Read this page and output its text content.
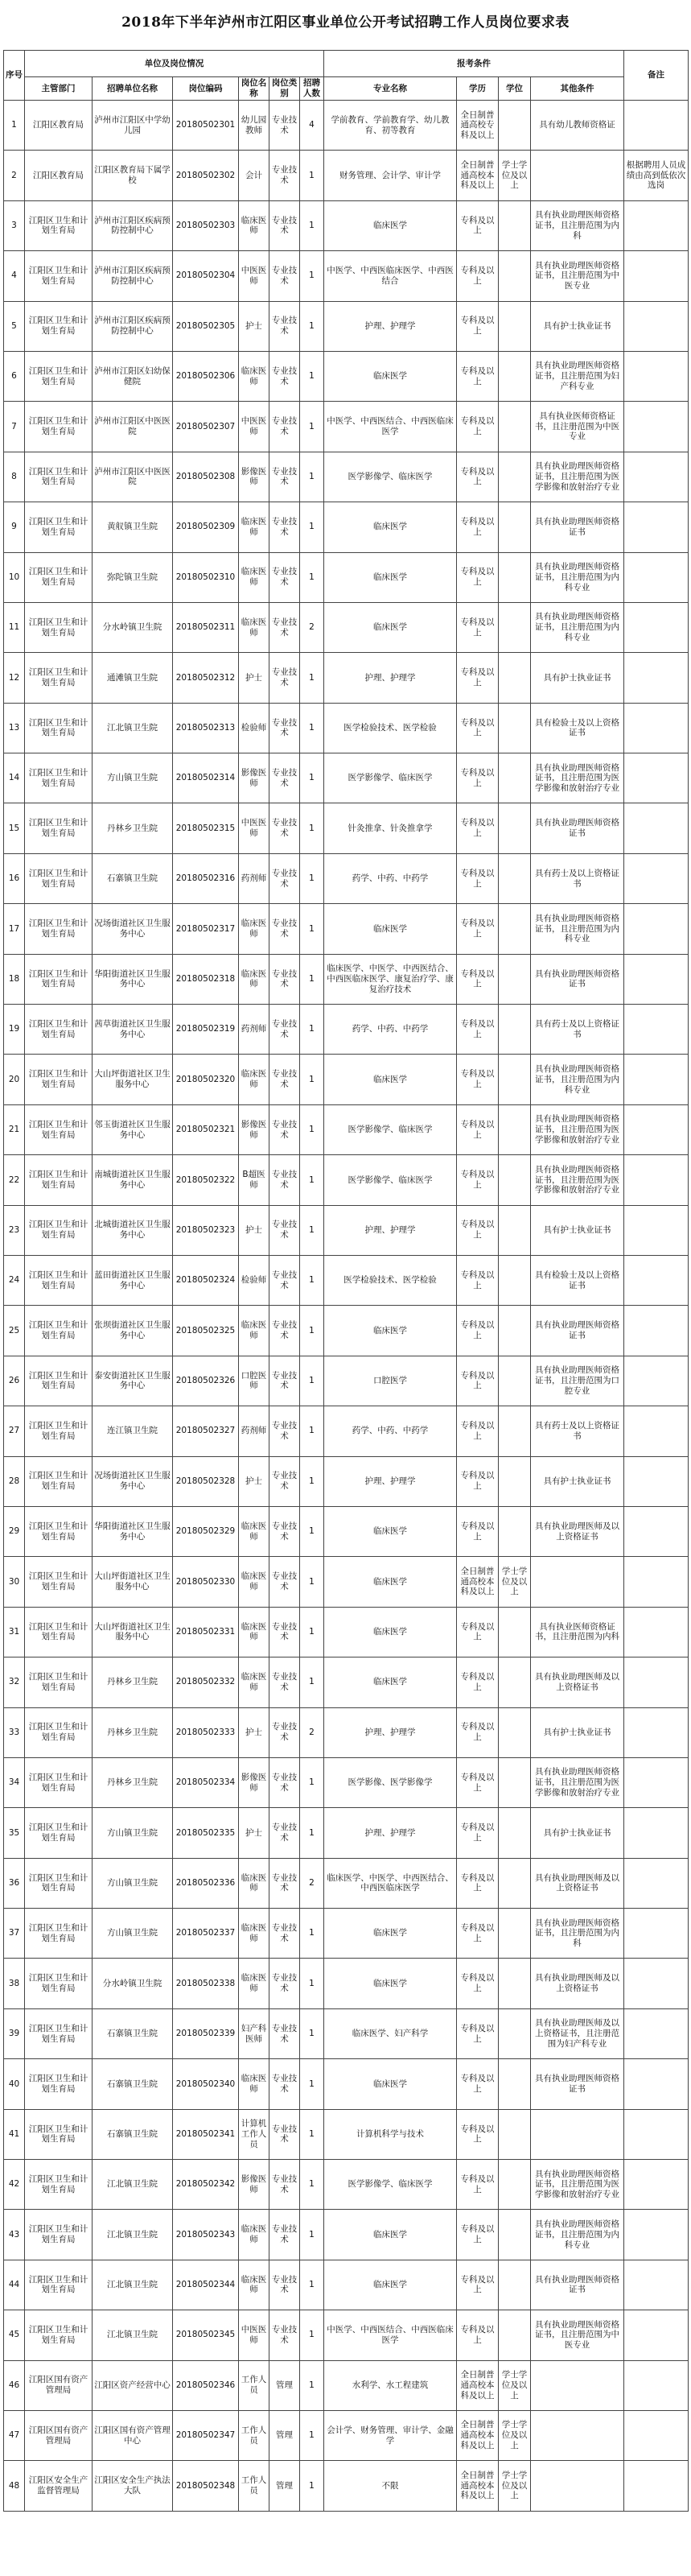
2018年下半年泸州市江阳区事业单位公开考试招聘工作人员岗位要求表
序号	单位及岗位情况						报考条件				备注
	主管部门	招聘单位名称	岗位编码	岗位名称	岗位类别	招聘人数	专业名称	学历	学位	其他条件	
1	江阳区教育局	泸州市江阳区中学幼儿园	20180502301	幼儿园教师	专业技术	4	学前教育、学前教育学、幼儿教育、初等教育	全日制普通高校专科及以上		具有幼儿教师资格证	
2	江阳区教育局	江阳区教育局下属学校	20180502302	会计	专业技术	1	财务管理、会计学、审计学	全日制普通高校本科及以上	学士学位及以上		根据聘用人员成绩由高到低依次选岗
3	江阳区卫生和计划生育局	泸州市江阳区疾病预防控制中心	20180502303	临床医师	专业技术	1	临床医学	专科及以上		具有执业助理医师资格证书，且注册范围为内科	
4	江阳区卫生和计划生育局	泸州市江阳区疾病预防控制中心	20180502304	中医医师	专业技术	1	中医学、中西医临床医学、中西医结合	专科及以上		具有执业助理医师资格证书，且注册范围为中医专业	
5	江阳区卫生和计划生育局	泸州市江阳区疾病预防控制中心	20180502305	护士	专业技术	1	护理、护理学	专科及以上		具有护士执业证书	
6	江阳区卫生和计划生育局	泸州市江阳区妇幼保健院	20180502306	临床医师	专业技术	1	临床医学	专科及以上		具有执业助理医师资格证书，且注册范围为妇产科专业	
7	江阳区卫生和计划生育局	泸州市江阳区中医医院	20180502307	中医医师	专业技术	1	中医学、中西医结合、中西医临床医学	专科及以上		具有执业医师资格证书，且注册范围为中医专业	
8	江阳区卫生和计划生育局	泸州市江阳区中医医院	20180502308	影像医师	专业技术	1	医学影像学、临床医学	专科及以上		具有执业助理医师资格证书，且注册范围为医学影像和放射治疗专业	
9	江阳区卫生和计划生育局	黄舣镇卫生院	20180502309	临床医师	专业技术	1	临床医学	专科及以上		具有执业助理医师资格证书	
10	江阳区卫生和计划生育局	弥陀镇卫生院	20180502310	临床医师	专业技术	1	临床医学	专科及以上		具有执业助理医师资格证书，且注册范围为内科专业	
11	江阳区卫生和计划生育局	分水岭镇卫生院	20180502311	临床医师	专业技术	2	临床医学	专科及以上		具有执业助理医师资格证书，且注册范围为内科专业	
12	江阳区卫生和计划生育局	通滩镇卫生院	20180502312	护士	专业技术	1	护理、护理学	专科及以上		具有护士执业证书	
13	江阳区卫生和计划生育局	江北镇卫生院	20180502313	检验师	专业技术	1	医学检验技术、医学检验	专科及以上		具有检验士及以上资格证书	
14	江阳区卫生和计划生育局	方山镇卫生院	20180502314	影像医师	专业技术	1	医学影像学、临床医学	专科及以上		具有执业助理医师资格证书，且注册范围为医学影像和放射治疗专业	
15	江阳区卫生和计划生育局	丹林乡卫生院	20180502315	中医医师	专业技术	1	针灸推拿、针灸推拿学	专科及以上		具有执业助理医师资格证书	
16	江阳区卫生和计划生育局	石寨镇卫生院	20180502316	药剂师	专业技术	1	药学、中药、中药学	专科及以上		具有药士及以上资格证书	
17	江阳区卫生和计划生育局	况场街道社区卫生服务中心	20180502317	临床医师	专业技术	1	临床医学	专科及以上		具有执业助理医师资格证书，且注册范围为内科专业	
18	江阳区卫生和计划生育局	华阳街道社区卫生服务中心	20180502318	临床医师	专业技术	1	临床医学、中医学、中西医结合、中西医临床医学、康复治疗学、康复治疗技术	专科及以上		具有执业助理医师资格证书	
19	江阳区卫生和计划生育局	茜草街道社区卫生服务中心	20180502319	药剂师	专业技术	1	药学、中药、中药学	专科及以上		具有药士及以上资格证书	
20	江阳区卫生和计划生育局	大山坪街道社区卫生服务中心	20180502320	临床医师	专业技术	1	临床医学	专科及以上		具有执业助理医师资格证书，且注册范围为内科专业	
21	江阳区卫生和计划生育局	邻玉街道社区卫生服务中心	20180502321	影像医师	专业技术	1	医学影像学、临床医学	专科及以上		具有执业助理医师资格证书，且注册范围为医学影像和放射治疗专业	
22	江阳区卫生和计划生育局	南城街道社区卫生服务中心	20180502322	B超医师	专业技术	1	医学影像学、临床医学	专科及以上		具有执业助理医师资格证书，且注册范围为医学影像和放射治疗专业	
23	江阳区卫生和计划生育局	北城街道社区卫生服务中心	20180502323	护士	专业技术	1	护理、护理学	专科及以上		具有护士执业证书	
24	江阳区卫生和计划生育局	蓝田街道社区卫生服务中心	20180502324	检验师	专业技术	1	医学检验技术、医学检验	专科及以上		具有检验士及以上资格证书	
25	江阳区卫生和计划生育局	张坝街道社区卫生服务中心	20180502325	临床医师	专业技术	1	临床医学	专科及以上		具有执业助理医师资格证书	
26	江阳区卫生和计划生育局	泰安街道社区卫生服务中心	20180502326	口腔医师	专业技术	1	口腔医学	专科及以上		具有执业助理医师资格证书，且注册范围为口腔专业	
27	江阳区卫生和计划生育局	连江镇卫生院	20180502327	药剂师	专业技术	1	药学、中药、中药学	专科及以上		具有药士及以上资格证书	
28	江阳区卫生和计划生育局	况场街道社区卫生服务中心	20180502328	护士	专业技术	1	护理、护理学	专科及以上		具有护士执业证书	
29	江阳区卫生和计划生育局	华阳街道社区卫生服务中心	20180502329	临床医师	专业技术	1	临床医学	专科及以上		具有执业助理医师及以上资格证书	
30	江阳区卫生和计划生育局	大山坪街道社区卫生服务中心	20180502330	临床医师	专业技术	1	临床医学	全日制普通高校本科及以上	学士学位及以上		
31	江阳区卫生和计划生育局	大山坪街道社区卫生服务中心	20180502331	临床医师	专业技术	1	临床医学	专科及以上		具有执业医师资格证书，且注册范围为内科	
32	江阳区卫生和计划生育局	丹林乡卫生院	20180502332	临床医师	专业技术	1	临床医学	专科及以上		具有执业助理医师及以上资格证书	
33	江阳区卫生和计划生育局	丹林乡卫生院	20180502333	护士	专业技术	2	护理、护理学	专科及以上		具有护士执业证书	
34	江阳区卫生和计划生育局	丹林乡卫生院	20180502334	影像医师	专业技术	1	医学影像、医学影像学	专科及以上		具有执业助理医师资格证书，且注册范围为医学影像和放射治疗专业	
35	江阳区卫生和计划生育局	方山镇卫生院	20180502335	护士	专业技术	1	护理、护理学	专科及以上		具有护士执业证书	
36	江阳区卫生和计划生育局	方山镇卫生院	20180502336	临床医师	专业技术	2	临床医学、中医学、中西医结合、中西医临床医学	专科及以上		具有执业助理医师及以上资格证书	
37	江阳区卫生和计划生育局	方山镇卫生院	20180502337	临床医师	专业技术	1	临床医学	专科及以上		具有执业助理医师资格证书，且注册范围为内科	
38	江阳区卫生和计划生育局	分水岭镇卫生院	20180502338	临床医师	专业技术	1	临床医学	专科及以上		具有执业助理医师及以上资格证书	
39	江阳区卫生和计划生育局	石寨镇卫生院	20180502339	妇产科医师	专业技术	1	临床医学、妇产科学	专科及以上		具有执业助理医师及以上资格证书，且注册范围为妇产科专业	
40	江阳区卫生和计划生育局	石寨镇卫生院	20180502340	临床医师	专业技术	1	临床医学	专科及以上		具有执业助理医师资格证书	
41	江阳区卫生和计划生育局	石寨镇卫生院	20180502341	计算机工作人员	专业技术	1	计算机科学与技术	专科及以上			
42	江阳区卫生和计划生育局	江北镇卫生院	20180502342	影像医师	专业技术	1	医学影像学、临床医学	专科及以上		具有执业助理医师资格证书，且注册范围为医学影像和放射治疗专业	
43	江阳区卫生和计划生育局	江北镇卫生院	20180502343	临床医师	专业技术	1	临床医学	专科及以上		具有执业助理医师资格证书，且注册范围为内科专业	
44	江阳区卫生和计划生育局	江北镇卫生院	20180502344	临床医师	专业技术	1	临床医学	专科及以上		具有执业助理医师资格证书	
45	江阳区卫生和计划生育局	江北镇卫生院	20180502345	中医医师	专业技术	1	中医学、中西医结合、中西医临床医学	专科及以上		具有执业助理医师资格证书，且注册范围为中医专业	
46	江阳区国有资产管理局	江阳区资产经营中心	20180502346	工作人员	管理	1	水利学、水工程建筑	全日制普通高校本科及以上	学士学位及以上		
47	江阳区国有资产管理局	江阳区国有资产管理中心	20180502347	工作人员	管理	1	会计学、财务管理、审计学、金融学	全日制普通高校本科及以上	学士学位及以上		
48	江阳区安全生产监督管理局	江阳区安全生产执法大队	20180502348	工作人员	管理	1	不限	全日制普通高校本科及以上	学士学位及以上		
